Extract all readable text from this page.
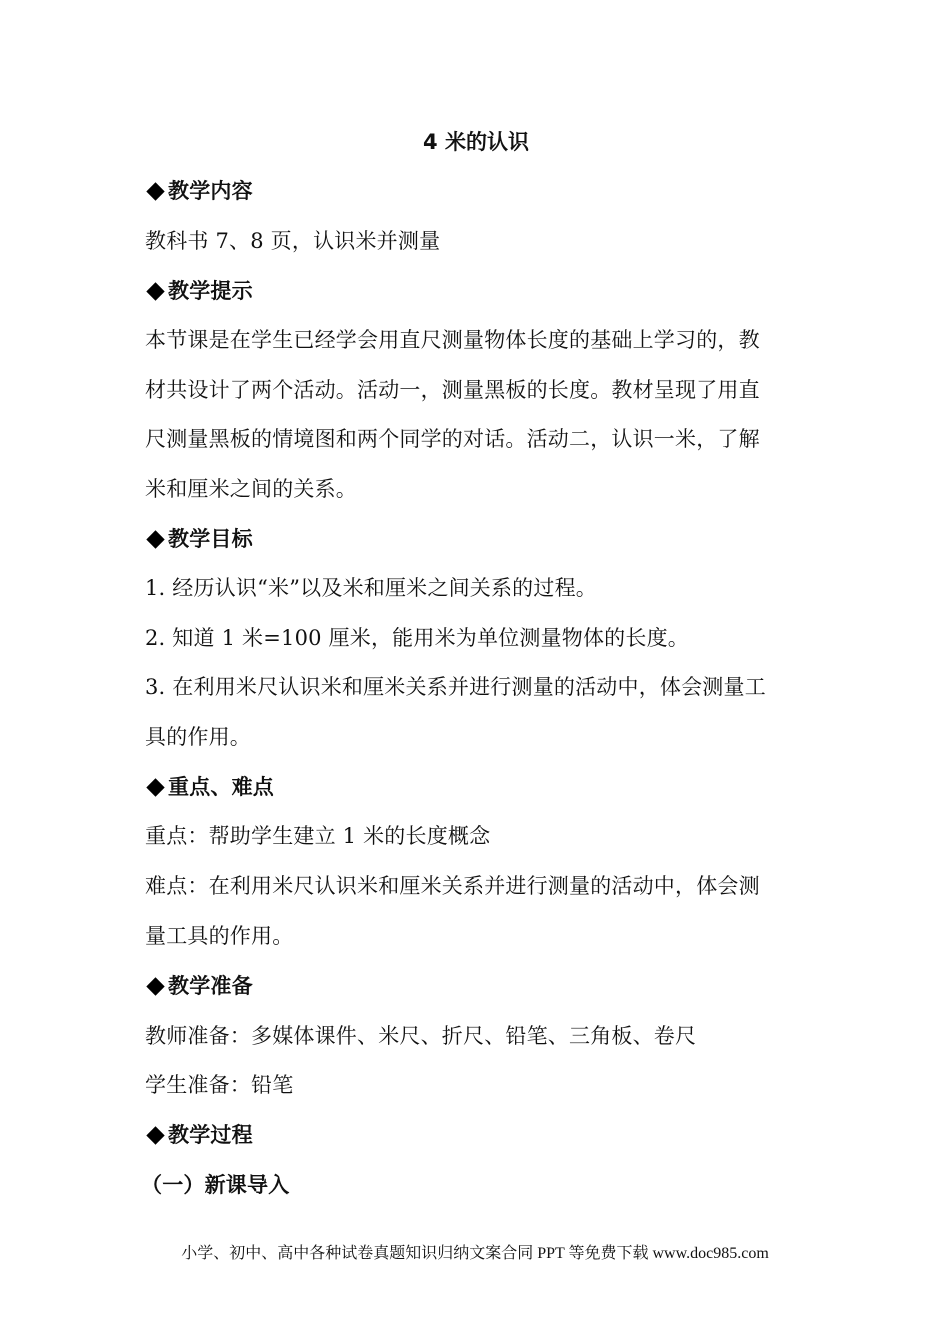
4 米的认识
教学内容
教科书 7、8 页，认识米并测量
教学提示
本节课是在学生已经学会用直尺测量物体长度的基础上学习的，教
材共设计了两个活动。活动一，测量黑板的长度。教材呈现了用直
尺测量黑板的情境图和两个同学的对话。活动二，认识一米，了解
米和厘米之间的关系。
教学目标
1. 经历认识“米”以及米和厘米之间关系的过程。
2. 知道 1 米=100 厘米，能用米为单位测量物体的长度。
3. 在利用米尺认识米和厘米关系并进行测量的活动中，体会测量工
具的作用。
重点、难点
重点：帮助学生建立 1 米的长度概念
难点：在利用米尺认识米和厘米关系并进行测量的活动中，体会测
量工具的作用。
教学准备
教师准备：多媒体课件、米尺、折尺、铅笔、三角板、卷尺
学生准备：铅笔
教学过程
（一）新课导入
小学、初中、高中各种试卷真题知识归纳文案合同 PPT 等免费下载 www.doc985.com
